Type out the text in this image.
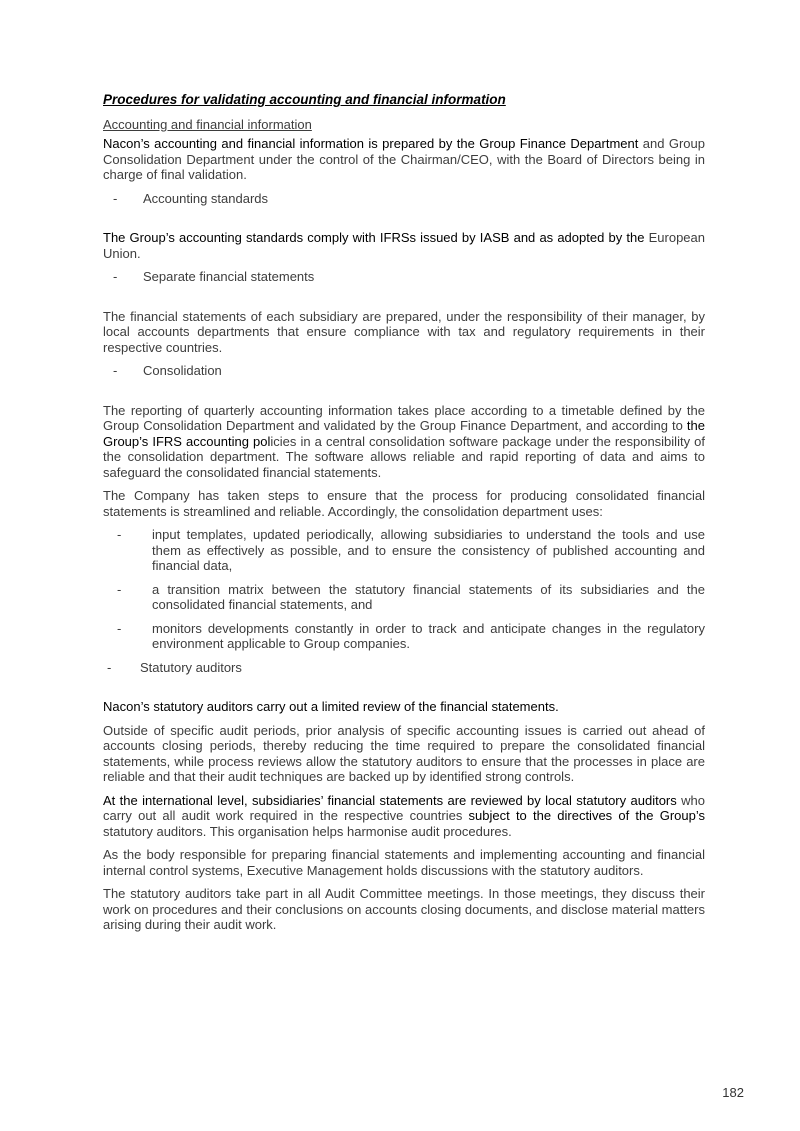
Procedures for validating accounting and financial information
Accounting and financial information

Nacon’s accounting and financial information is prepared by the Group Finance Department and Group Consolidation Department under the control of the Chairman/CEO, with the Board of Directors being in charge of final validation.

-	Accounting standards

The Group’s accounting standards comply with IFRSs issued by IASB and as adopted by the European Union.

-	Separate financial statements

The financial statements of each subsidiary are prepared, under the responsibility of their manager, by local accounts departments that ensure compliance with tax and regulatory requirements in their respective countries.

-	Consolidation

The reporting of quarterly accounting information takes place according to a timetable defined by the Group Consolidation Department and validated by the Group Finance Department, and according to the Group’s IFRS accounting policies in a central consolidation software package under the responsibility of the consolidation department. The software allows reliable and rapid reporting of data and aims to safeguard the consolidated financial statements.

The Company has taken steps to ensure that the process for producing consolidated financial statements is streamlined and reliable. Accordingly, the consolidation department uses:

-	input templates, updated periodically, allowing subsidiaries to understand the tools and use them as effectively as possible, and to ensure the consistency of published accounting and financial data,
-	a transition matrix between the statutory financial statements of its subsidiaries and the consolidated financial statements, and
-	monitors developments constantly in order to track and anticipate changes in the regulatory environment applicable to Group companies.
-	Statutory auditors

Nacon’s statutory auditors carry out a limited review of the financial statements.

Outside of specific audit periods, prior analysis of specific accounting issues is carried out ahead of accounts closing periods, thereby reducing the time required to prepare the consolidated financial statements, while process reviews allow the statutory auditors to ensure that the processes in place are reliable and that their audit techniques are backed up by identified strong controls.

At the international level, subsidiaries’ financial statements are reviewed by local statutory auditors who carry out all audit work required in the respective countries subject to the directives of the Group’s statutory auditors. This organisation helps harmonise audit procedures.

As the body responsible for preparing financial statements and implementing accounting and financial internal control systems, Executive Management holds discussions with the statutory auditors.

The statutory auditors take part in all Audit Committee meetings. In those meetings, they discuss their work on procedures and their conclusions on accounts closing documents, and disclose material matters arising during their audit work.

182
